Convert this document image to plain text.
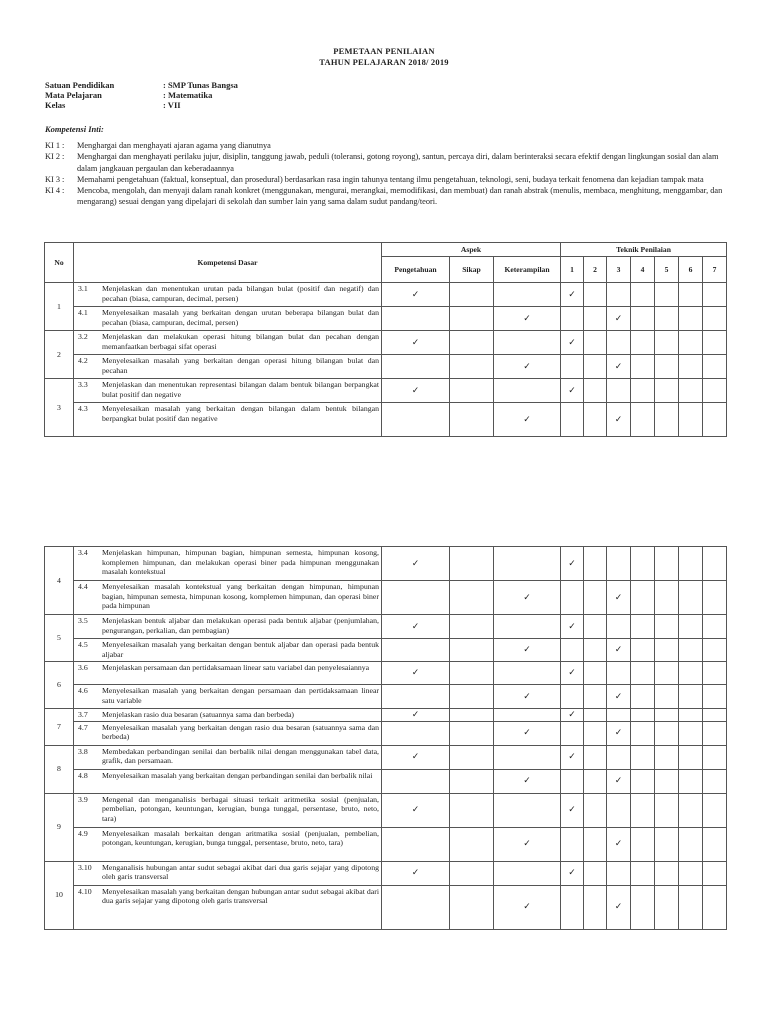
PEMETAAN PENILAIAN
TAHUN PELAJARAN 2018/ 2019
Satuan Pendidikan	: SMP Tunas Bangsa
Mata Pelajaran	: Matematika
Kelas	: VII
Kompetensi Inti:
KI 1 :	Menghargai dan menghayati ajaran agama yang dianutnya
KI 2 :	Menghargai dan menghayati perilaku jujur, disiplin, tanggung jawab, peduli (toleransi, gotong royong), santun, percaya diri, dalam berinteraksi secara efektif dengan lingkungan sosial dan alam dalam jangkauan pergaulan dan keberadaannya
KI 3 :	Memahami pengetahuan (faktual, konseptual, dan prosedural) berdasarkan rasa ingin tahunya tentang ilmu pengetahuan, teknologi, seni, budaya terkait fenomena dan kejadian tampak mata
KI 4 :	Mencoba, mengolah, dan menyaji dalam ranah konkret (menggunakan, mengurai, merangkai, memodifikasi, dan membuat) dan ranah abstrak (menulis, membaca, menghitung, menggambar, dan mengarang) sesuai dengan yang dipelajari di sekolah dan sumber lain yang sama dalam sudut pandang/teori.
No	Kompetensi Dasar	Aspek			Teknik Penilaian						
		Pengetahuan	Sikap	Keterampilan	1	2	3	4	5	6	7
1	3.1 Menjelaskan dan menentukan urutan pada bilangan bulat (positif dan negatif) dan pecahan (biasa, campuran, decimal, persen)	✓			✓						

	4.1 Menyelesaikan masalah yang berkaitan dengan urutan beberapa bilangan bulat dan pecahan (biasa, campuran, decimal, persen)			✓			✓				
2	3.2 Menjelaskan dan melakukan operasi hitung bilangan bulat dan pecahan dengan memanfaatkan berbagai sifat operasi	✓			✓						

	4.2 Menyelesaikan masalah yang berkaitan dengan operasi hitung bilangan bulat dan pecahan			✓			✓				
3	3.3 Menjelaskan dan menentukan representasi bilangan dalam bentuk bilangan berpangkat bulat positif dan negative	✓			✓						

	4.3 Menyelesaikan masalah yang berkaitan dengan bilangan dalam bentuk bilangan berpangkat bulat positif dan negative			✓			✓				
4	3.4 Menjelaskan himpunan, himpunan bagian, himpunan semesta, himpunan kosong, komplemen himpunan, dan melakukan operasi biner pada himpunan menggunakan masalah kontekstual	✓			✓						

	4.4 Menyelesaikan masalah kontekstual yang berkaitan dengan himpunan, himpunan bagian, himpunan semesta, himpunan kosong, komplemen himpunan, dan operasi biner pada himpunan			✓			✓				
5	3.5 Menjelaskan bentuk aljabar dan melakukan operasi pada bentuk aljabar (penjumlahan, pengurangan, perkalian, dan pembagian)	✓			✓						

	4.5 Menyelesaikan masalah yang berkaitan dengan bentuk aljabar dan operasi pada bentuk aljabar			✓			✓				
6	3.6 Menjelaskan persamaan dan pertidaksamaan linear satu variabel dan penyelesaiannya	✓			✓						

	4.6 Menyelesaikan masalah yang berkaitan dengan persamaan dan pertidaksamaan linear satu variable			✓			✓				
7	3.7 Menjelaskan rasio dua besaran (satuannya sama dan berbeda)	✓			✓						

	4.7 Menyelesaikan masalah yang berkaitan dengan rasio dua besaran (satuannya sama dan berbeda)			✓			✓				
8	3.8 Membedakan perbandingan senilai dan berbalik nilai dengan menggunakan tabel data, grafik, dan persamaan.	✓			✓						

	4.8 Menyelesaikan masalah yang berkaitan dengan perbandingan senilai dan berbalik nilai			✓			✓				
9	3.9 Mengenal dan menganalisis berbagai situasi terkait aritmetika sosial (penjualan, pembelian, potongan, keuntungan, kerugian, bunga tunggal, persentase, bruto, neto, tara)	✓			✓						

	4.9 Menyelesaikan masalah berkaitan dengan aritmatika sosial (penjualan, pembelian, potongan, keuntungan, kerugian, bunga tunggal, persentase, bruto, neto, tara)			✓			✓				
10	3.10 Menganalisis hubungan antar sudut sebagai akibat dari dua garis sejajar yang dipotong oleh garis transversal	✓			✓						

	4.10 Menyelesaikan masalah yang berkaitan dengan hubungan antar sudut sebagai akibat dari dua garis sejajar yang dipotong oleh garis transversal			✓			✓				
